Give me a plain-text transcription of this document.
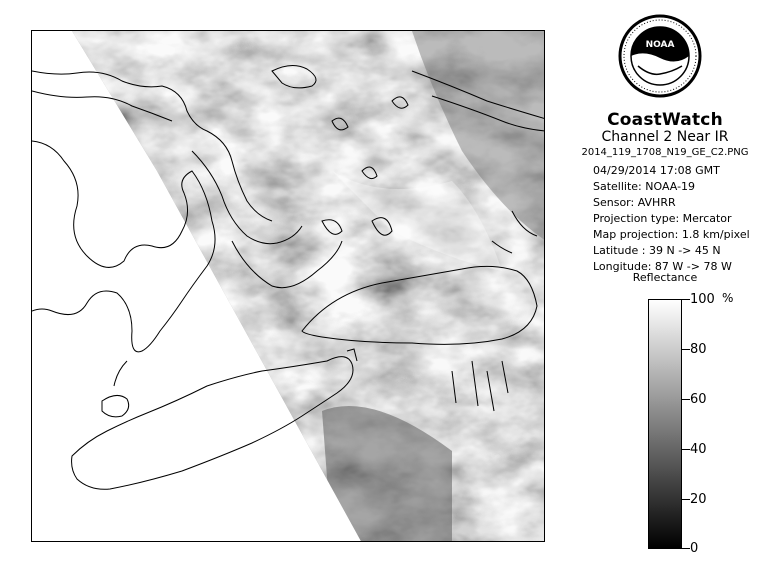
NOAA
CoastWatch
Channel 2 Near IR
2014_119_1708_N19_GE_C2.PNG
04/29/2014 17:08 GMT
Satellite: NOAA-19
Sensor: AVHRR
Projection type: Mercator
Map projection: 1.8 km/pixel
Latitude : 39 N -> 45 N
Longitude: 87 W -> 78 W
Reflectance
%
100
80
60
40
20
0
